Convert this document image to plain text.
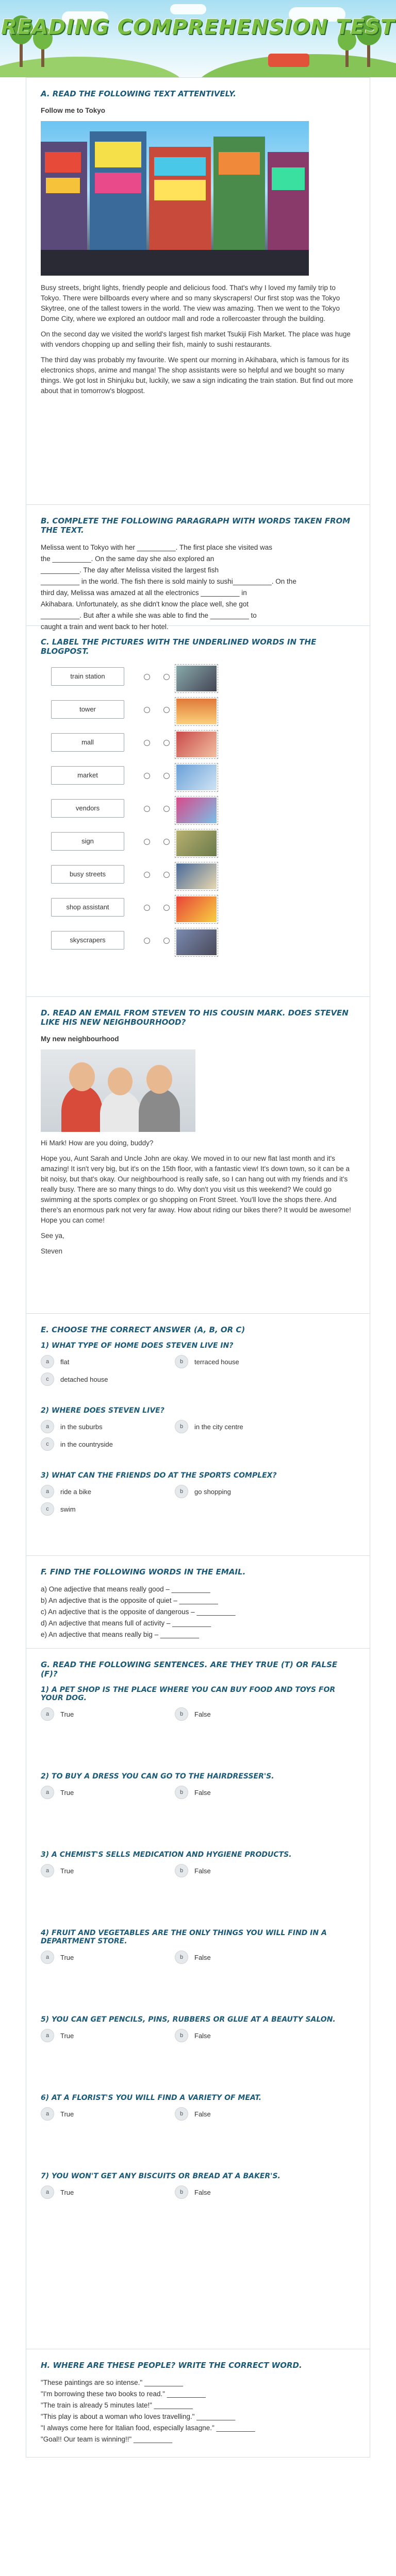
READING COMPREHENSION TEST
A. READ THE FOLLOWING TEXT ATTENTIVELY.
Follow me to Tokyo
Busy streets, bright lights, friendly people and delicious food. That's why I loved my family trip to Tokyo. There were billboards every where and so many skyscrapers! Our first stop was the Tokyo Skytree, one of the tallest towers in the world. The view was amazing. Then we went to the Tokyo Dome City, where we explored an outdoor mall and rode a rollercoaster through the building.
On the second day we visited the world's largest fish market Tsukiji Fish Market. The place was huge with vendors chopping up and selling their fish, mainly to sushi restaurants.
The third day was probably my favourite. We spent our morning in Akihabara, which is famous for its electronics shops, anime and manga! The shop assistants were so helpful and we bought so many things. We got lost in Shinjuku but, luckily, we saw a sign indicating the train station. But find out more about that in tomorrow's blogpost.
B. COMPLETE THE FOLLOWING PARAGRAPH WITH WORDS TAKEN FROM THE TEXT.
Melissa went to Tokyo with her __________. The first place she visited was
the __________. On the same day she also explored an
__________. The day after Melissa visited the largest fish
__________ in the world. The fish there is sold mainly to sushi__________. On the
third day, Melissa was amazed at all the electronics __________ in
Akihabara. Unfortunately, as she didn't know the place well, she got
__________. But after a while she was able to find the __________ to
caught a train and went back to her hotel.
C. LABEL THE PICTURES WITH THE UNDERLINED WORDS IN THE BLOGPOST.
train station
tower
mall
market
vendors
sign
busy streets
shop assistant
skyscrapers
D. READ AN EMAIL FROM STEVEN TO HIS COUSIN MARK. DOES STEVEN LIKE HIS NEW NEIGHBOURHOOD?
My new neighbourhood
Hi Mark! How are you doing, buddy?
Hope you, Aunt Sarah and Uncle John are okay. We moved in to our new flat last month and it's amazing! It isn't very big, but it's on the 15th floor, with a fantastic view! It's down town, so it can be a bit noisy, but that's okay. Our neighbourhood is really safe, so I can hang out with my friends and it's really busy. There are so many things to do. Why don't you visit us this weekend? We could go swimming at the sports complex or go shopping on Front Street. You'll love the shops there. And there's an enormous park not very far away. How about riding our bikes there? It would be awesome! Hope you can come!
See ya,
Steven
E. CHOOSE THE CORRECT ANSWER (A, B, OR C)
1) WHAT TYPE OF HOME DOES STEVEN LIVE IN?
a	flat	b	terraced house
c	detached house
2) WHERE DOES STEVEN LIVE?
a	in the suburbs	b	in the city centre
c	in the countryside
3) WHAT CAN THE FRIENDS DO AT THE SPORTS COMPLEX?
a	ride a bike	b	go shopping
c	swim
F. FIND THE FOLLOWING WORDS IN THE EMAIL.
a) One adjective that means really good – __________
b) An adjective that is the opposite of quiet – __________
c) An adjective that is the opposite of dangerous – __________
d) An adjective that means full of activity – __________
e) An adjective that means really big – __________
G. READ THE FOLLOWING SENTENCES. ARE THEY TRUE (T) OR FALSE (F)?
1) A PET SHOP IS THE PLACE WHERE YOU CAN BUY FOOD AND TOYS FOR YOUR DOG.
a	True	b	False
2) TO BUY A DRESS YOU CAN GO TO THE HAIRDRESSER'S.
a	True	b	False
3) A CHEMIST'S SELLS MEDICATION AND HYGIENE PRODUCTS.
a	True	b	False
4) FRUIT AND VEGETABLES ARE THE ONLY THINGS YOU WILL FIND IN A DEPARTMENT STORE.
a	True	b	False
5) YOU CAN GET PENCILS, PINS, RUBBERS OR GLUE AT A BEAUTY SALON.
a	True	b	False
6) AT A FLORIST'S YOU WILL FIND A VARIETY OF MEAT.
a	True	b	False
7) YOU WON'T GET ANY BISCUITS OR BREAD AT A BAKER'S.
a	True	b	False
H. WHERE ARE THESE PEOPLE? WRITE THE CORRECT WORD.
"These paintings are so intense." __________
"I'm borrowing these two books to read." __________
"The train is already 5 minutes late!" __________
"This play is about a woman who loves travelling." __________
"I always come here for Italian food, especially lasagne." __________
"Goal!! Our team is winning!!" __________
